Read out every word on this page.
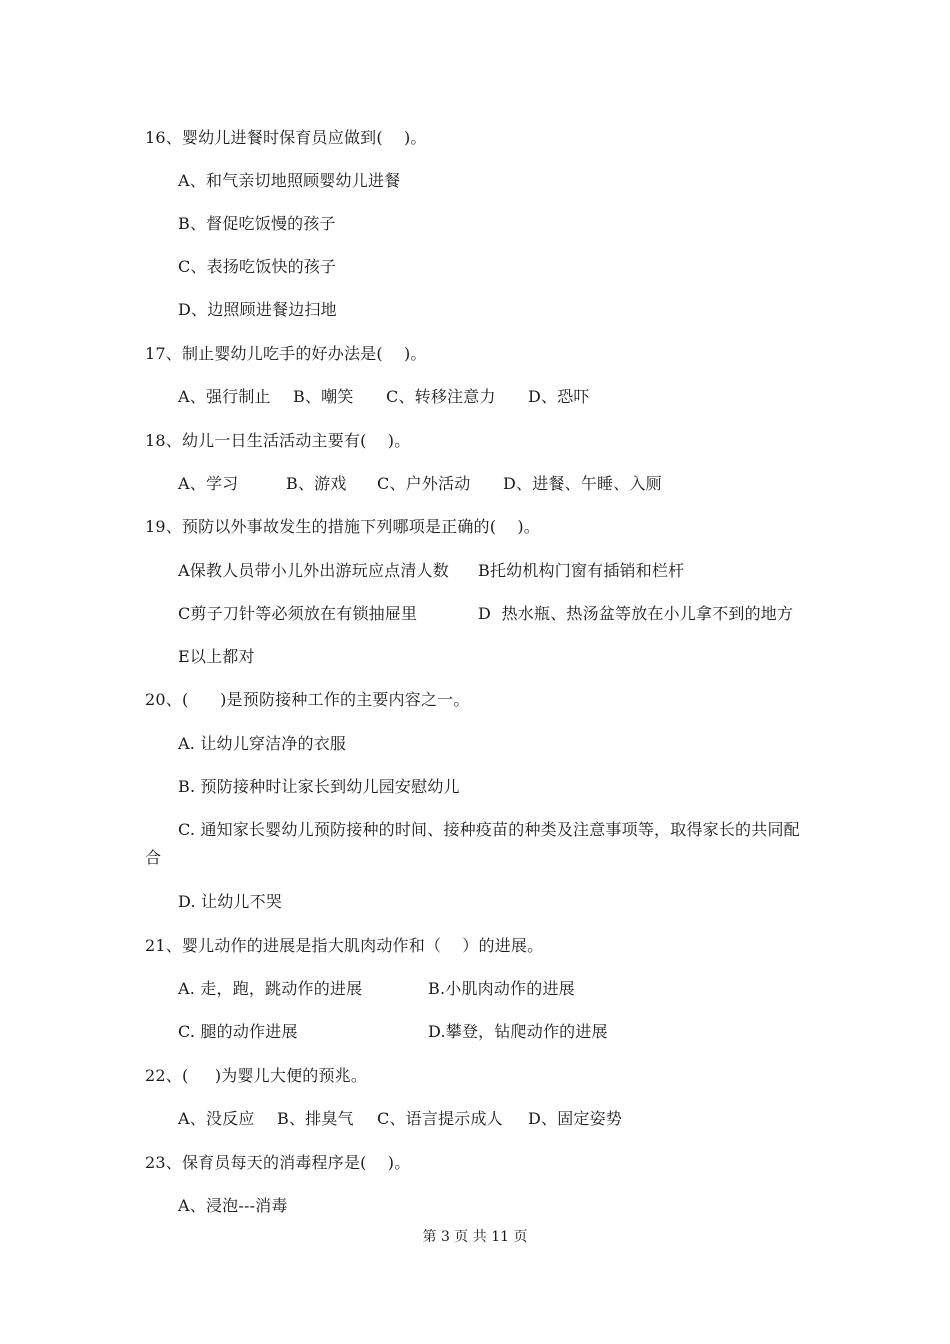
16、婴幼儿进餐时保育员应做到(    )。
A、和气亲切地照顾婴幼儿进餐
B、督促吃饭慢的孩子
C、表扬吃饭快的孩子
D、边照顾进餐边扫地
17、制止婴幼儿吃手的好办法是(    )。
A、强行制止 B、嘲笑 C、转移注意力 D、恐吓
18、幼儿一日生活活动主要有(    )。
A、学习	B、游戏 C、户外活动 D、进餐、午睡、入厕
19、预防以外事故发生的措施下列哪项是正确的(    )。
A保教人员带小儿外出游玩应点清人数 B托幼机构门窗有插销和栏杆
C剪子刀针等必须放在有锁抽屉里	D  热水瓶、热汤盆等放在小儿拿不到的地方
E以上都对
20、(      )是预防接种工作的主要内容之一。
A. 让幼儿穿洁净的衣服
B. 预防接种时让家长到幼儿园安慰幼儿
C. 通知家长婴幼儿预防接种的时间、接种疫苗的种类及注意事项等，取得家长的共同配合
D. 让幼儿不哭
21、婴儿动作的进展是指大肌肉动作和（    ）的进展。
A. 走，跑，跳动作的进展	B.小肌肉动作的进展
C. 腿的动作进展	D.攀登，钻爬动作的进展
22、(     )为婴儿大便的预兆。
A、没反应 B、排臭气 C、语言提示成人 D、固定姿势
23、保育员每天的消毒程序是(    )。
A、浸泡---消毒
第 3 页 共 11 页
